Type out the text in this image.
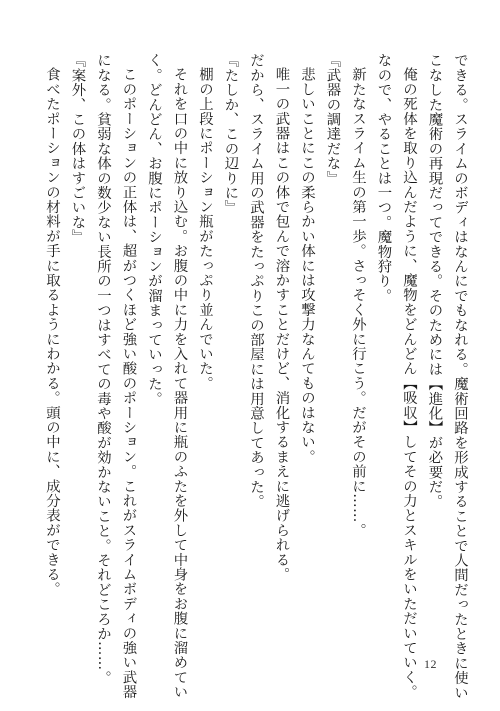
できる。スライムのボディはなんにでもなれる。魔術回路を形成することで人間だったときに使い

こなした魔術の再現だってできる。そのためには【進化】が必要だ。

俺の死体を取り込んだように、魔物をどんどん【吸収】してその力とスキルをいただいていく。

なので、やることは一つ。魔物狩り。

新たなスライム生の第一歩。さっそく外に行こう。だがその前に……。

『武器の調達だな』

悲しいことにこの柔らかい体には攻撃力なんてものはない。

唯一の武器はこの体で包んで溶かすことだけど、消化するまえに逃げられる。

だから、スライム用の武器をたっぷりこの部屋には用意してあった。

『たしか、この辺りに』

棚の上段にポーション瓶がたっぷり並んでいた。

それを口の中に放り込む。お腹の中に力を入れて器用に瓶のふたを外して中身をお腹に溜めてい

く。どんどん、お腹にポーションが溜まっていった。

このポーションの正体は、超がつくほど強い酸のポーション。これがスライムボディの強い武器

になる。貧弱な体の数少ない長所の一つはすべての毒や酸が効かないこと。それどころか……。

『案外、この体はすごいな』

食べたポーションの材料が手に取るようにわかる。頭の中に、成分表ができる。

12
